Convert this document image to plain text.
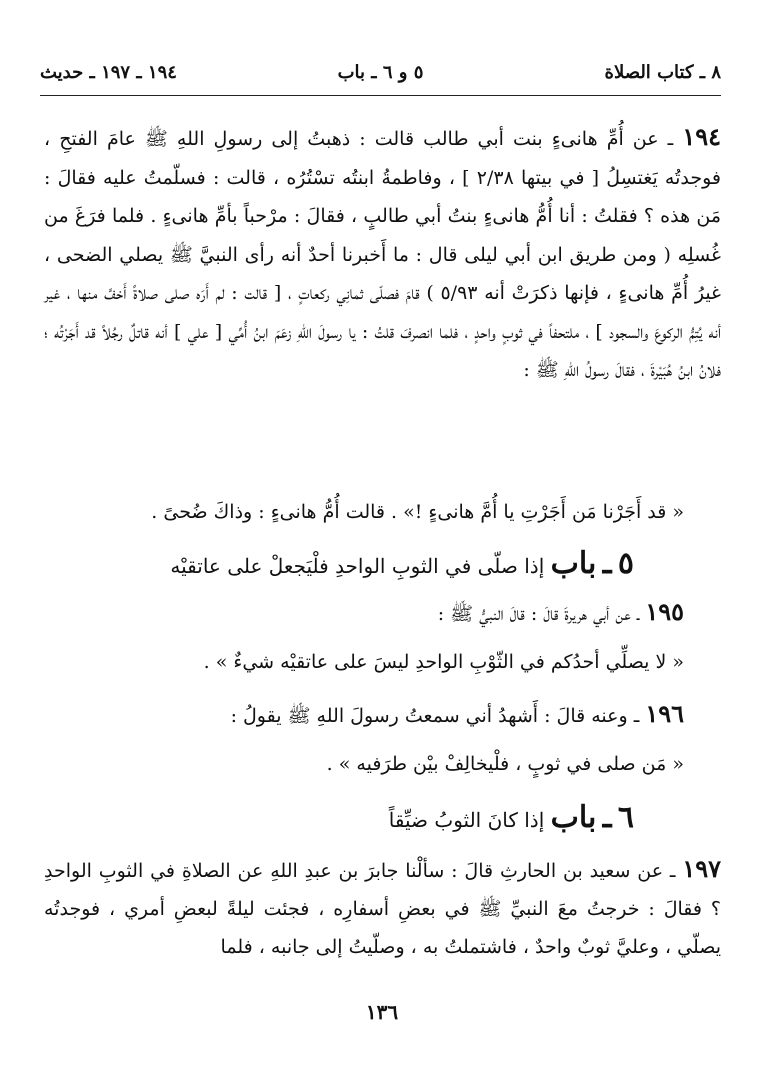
٨ ـ كتاب الصلاة
٥ و ٦ ـ باب
١٩٤ ـ ١٩٧ ـ حديث

١٩٤ ـ عن أُمِّ هانىءٍ بنت أبي طالب قالت : ذهبتُ إلى رسولِ اللهِ ﷺ عامَ الفتحِ ، فوجدتُه يَغتسِلُ [ في بيتها ٢/٣٨ ] ، وفاطمةُ ابنتُه تسْتُرُه ، قالت : فسلّمتُ عليه فقالَ : مَن هذه ؟ فقلتُ : أنا أُمُّ هانىءٍ بنتُ أبي طالبٍ ، فقالَ : مرْحباً بأمِّ هانىءٍ . فلما فرَغَ من غُسلِه ( ومن طريق ابن أبي ليلى قال : ما أَخبرنا أحدٌ أنه رأى النبيَّ ﷺ يصلي الضحى ، غيرُ أُمِّ هانىءٍ ، فإنها ذكرَتْ أنه ٥/٩٣ ) قامَ فصلّى ثمانِي ركعاتٍ ، [ قالت : لم أَرَه صلى صلاةً أَخفَّ منها ، غير أنه يُتِمُّ الركوعَ والسجود ] ، ملتحفاً في ثوبٍ واحدٍ ، فلما انصرفَ قلتُ : يا رسولَ اللهِ زعَمَ ابنُ أُمِّي [ علي ] أنه قاتلٌ رجُلاً قد أَجَرْتُه ؛ فلانُ ابنُ هُبَيْرةَ ، فقالَ رسولُ اللهِ ﷺ :

« قد أَجَرْنا مَن أَجَرْتِ يا أُمَّ هانىءٍ !» . قالت أُمُّ هانىءٍ : وذاكَ ضُحىً .
٥ ـ باب إذا صلّى في الثوبِ الواحدِ فلْيَجعلْ على عاتقيْه
١٩٥ ـ عن أبي هريرةَ قالَ : قالَ النبيُّ ﷺ :
« لا يصلِّي أحدُكم في الثّوْبِ الواحدِ ليسَ على عاتقيْه شيءٌ » .
١٩٦ ـ وعنه قالَ : أَشهدُ أني سمعتُ رسولَ اللهِ ﷺ يقولُ :
« مَن صلى في ثوبٍ ، فلْيخالِفْ بيْن طرَفيه » .
٦ ـ باب إذا كانَ الثوبُ ضيِّقاً
١٩٧ ـ عن سعيد بن الحارثِ قالَ : سألْنا جابرَ بن عبدِ اللهِ عن الصلاةِ في الثوبِ الواحدِ ؟ فقالَ : خرجتُ معَ النبيِّ ﷺ في بعضِ أسفارِه ، فجئت ليلةً لبعضِ أمري ، فوجدتُه يصلّي ، وعليَّ ثوبٌ واحدٌ ، فاشتملتُ به ، وصلّيتُ إلى جانبه ، فلما
١٣٦
